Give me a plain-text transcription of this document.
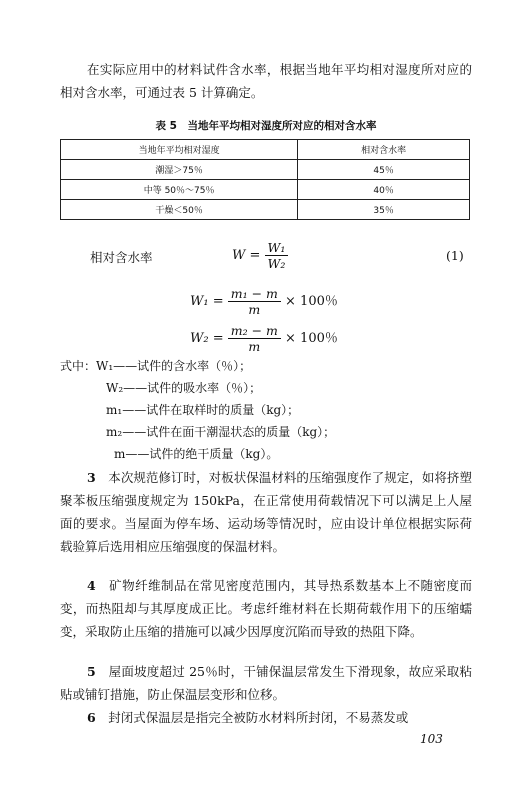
在实际应用中的材料试件含水率，根据当地年平均相对湿度所对应的相对含水率，可通过表 5 计算确定。

表 5　当地年平均相对湿度所对应的相对含水率
当地年平均相对湿度	相对含水率
潮湿＞75％	45％
中等 50％～75％	40％
干燥＜50％	35％
相对含水率	(1)
$W = \frac{\text{W₁}}{\text{W₂}}$
$W_1 = \frac{\text{m₁ − m}}{m} \times 100$％
$W_2 = \frac{\text{m₂ − m}}{m} \times 100$％
式中：W₁——试件的含水率（％）；
W₂——试件的吸水率（％）；
m₁——试件在取样时的质量（kg）；
m₂——试件在面干潮湿状态的质量（kg）；
m——试件的绝干质量（kg）。

3　 本次规范修订时，对板状保温材料的压缩强度作了规定，如将挤塑聚苯板压缩强度规定为 150kPa，在正常使用荷载情况下可以满足上人屋面的要求。当屋面为停车场、运动场等情况时，应由设计单位根据实际荷载验算后选用相应压缩强度的保温材料。

4　 矿物纤维制品在常见密度范围内，其导热系数基本上不随密度而变，而热阻却与其厚度成正比。考虑纤维材料在长期荷载作用下的压缩蠕变，采取防止压缩的措施可以减少因厚度沉陷而导致的热阻下降。

5　 屋面坡度超过 25％时，干铺保温层常发生下滑现象，故应采取粘贴或铺钉措施，防止保温层变形和位移。

6　 封闭式保温层是指完全被防水材料所封闭，不易蒸发或

103
